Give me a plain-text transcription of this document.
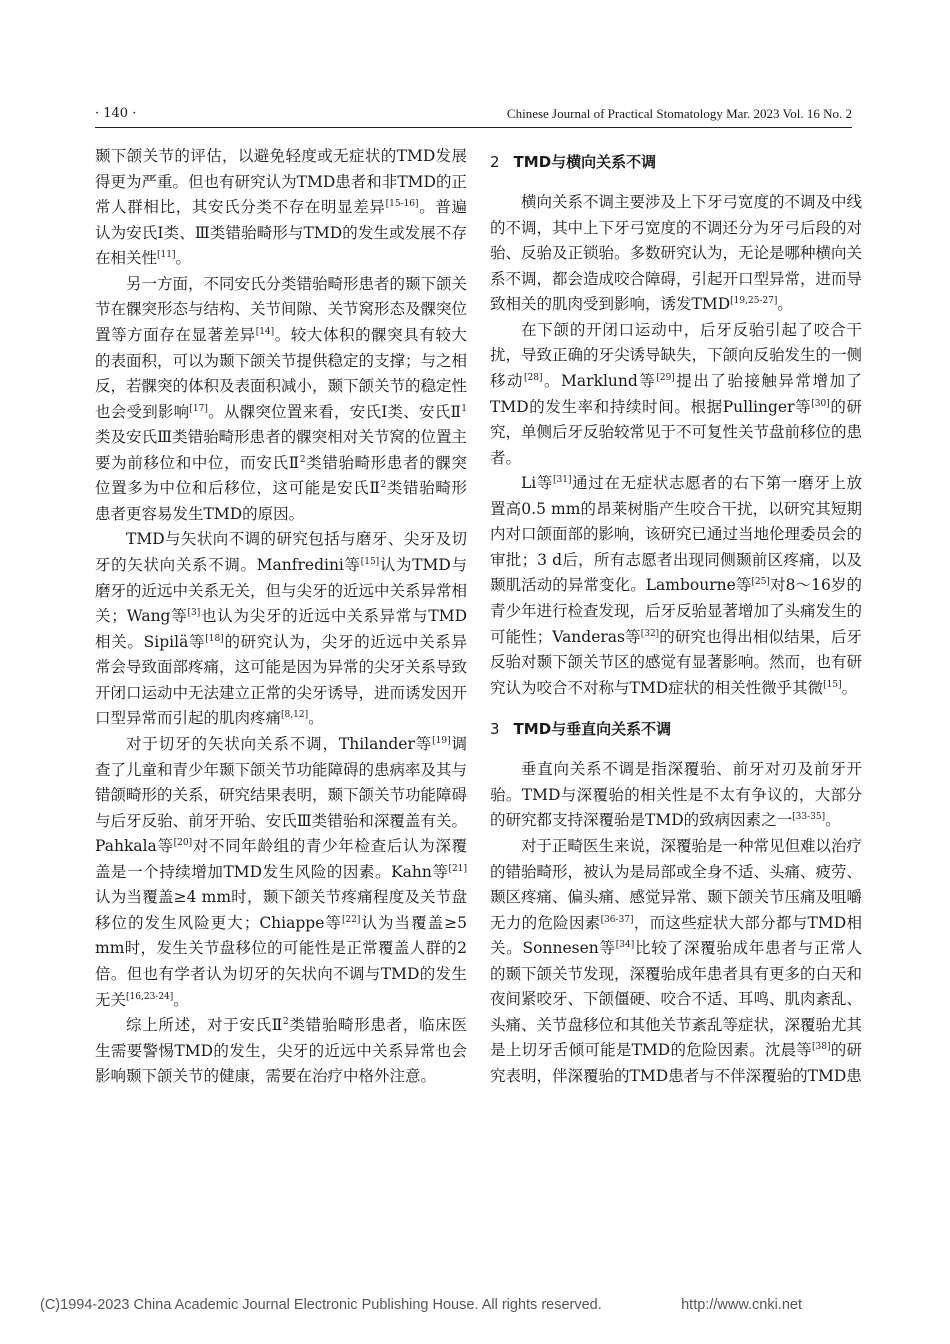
· 140 ·	Chinese Journal of Practical Stomatology Mar. 2023 Vol. 16 No. 2

颞下颌关节的评估，以避免轻度或无症状的TMD发展得更为严重。但也有研究认为TMD患者和非TMD的正常人群相比，其安氏分类不存在明显差异[15-16]。普遍认为安氏Ⅰ类、Ⅲ类错骀畸形与TMD的发生或发展不存在相关性[11]。

另一方面，不同安氏分类错骀畸形患者的颞下颌关节在髁突形态与结构、关节间隙、关节窝形态及髁突位置等方面存在显著差异[14]。较大体积的髁突具有较大的表面积，可以为颞下颌关节提供稳定的支撑；与之相反，若髁突的体积及表面积减小，颞下颌关节的稳定性也会受到影响[17]。从髁突位置来看，安氏Ⅰ类、安氏Ⅱ$^1$类及安氏Ⅲ类错骀畸形患者的髁突相对关节窝的位置主要为前移位和中位，而安氏Ⅱ$^2$类错骀畸形患者的髁突位置多为中位和后移位，这可能是安氏Ⅱ$^2$类错骀畸形患者更容易发生TMD的原因。

TMD与矢状向不调的研究包括与磨牙、尖牙及切牙的矢状向关系不调。Manfredini等[15]认为TMD与磨牙的近远中关系无关，但与尖牙的近远中关系异常相关；Wang等[3]也认为尖牙的近远中关系异常与TMD相关。Sipilä等[18]的研究认为，尖牙的近远中关系异常会导致面部疼痛，这可能是因为异常的尖牙关系导致开闭口运动中无法建立正常的尖牙诱导，进而诱发因开口型异常而引起的肌肉疼痛[8,12]。

对于切牙的矢状向关系不调，Thilander等[19]调查了儿童和青少年颞下颌关节功能障碍的患病率及其与错颌畸形的关系，研究结果表明，颞下颌关节功能障碍与后牙反骀、前牙开骀、安氏Ⅲ类错骀和深覆盖有关。Pahkala等[20]对不同年龄组的青少年检查后认为深覆盖是一个持续增加TMD发生风险的因素。Kahn等[21]认为当覆盖≥4 mm时，颞下颌关节疼痛程度及关节盘移位的发生风险更大；Chiappe等[22]认为当覆盖≥5 mm时，发生关节盘移位的可能性是正常覆盖人群的2倍。但也有学者认为切牙的矢状向不调与TMD的发生无关[16,23-24]。

综上所述，对于安氏Ⅱ$^2$类错骀畸形患者，临床医生需要警惕TMD的发生，尖牙的近远中关系异常也会影响颞下颌关节的健康，需要在治疗中格外注意。

2 TMD与横向关系不调

横向关系不调主要涉及上下牙弓宽度的不调及中线的不调，其中上下牙弓宽度的不调还分为牙弓后段的对骀、反骀及正锁骀。多数研究认为，无论是哪种横向关系不调，都会造成咬合障碍，引起开口型异常，进而导致相关的肌肉受到影响，诱发TMD[19,25-27]。

在下颌的开闭口运动中，后牙反骀引起了咬合干扰，导致正确的牙尖诱导缺失，下颌向反骀发生的一侧移动[28]。Marklund等[29]提出了骀接触异常增加了TMD的发生率和持续时间。根据Pullinger等[30]的研究，单侧后牙反骀较常见于不可复性关节盘前移位的患者。

Li等[31]通过在无症状志愿者的右下第一磨牙上放置高0.5 mm的昂莱树脂产生咬合干扰，以研究其短期内对口颌面部的影响，该研究已通过当地伦理委员会的审批；3 d后，所有志愿者出现同侧颞前区疼痛，以及颞肌活动的异常变化。Lambourne等[25]对8～16岁的青少年进行检查发现，后牙反骀显著增加了头痛发生的可能性；Vanderas等[32]的研究也得出相似结果，后牙反骀对颞下颌关节区的感觉有显著影响。然而，也有研究认为咬合不对称与TMD症状的相关性微乎其微[15]。

3 TMD与垂直向关系不调

垂直向关系不调是指深覆骀、前牙对刃及前牙开骀。TMD与深覆骀的相关性是不太有争议的，大部分的研究都支持深覆骀是TMD的致病因素之一[33-35]。

对于正畸医生来说，深覆骀是一种常见但难以治疗的错骀畸形，被认为是局部或全身不适、头痛、疲劳、颞区疼痛、偏头痛、感觉异常、颞下颌关节压痛及咀嚼无力的危险因素[36-37]，而这些症状大部分都与TMD相关。Sonnesen等[34]比较了深覆骀成年患者与正常人的颞下颌关节发现，深覆骀成年患者具有更多的白天和夜间紧咬牙、下颌僵硬、咬合不适、耳鸣、肌肉紊乱、头痛、关节盘移位和其他关节紊乱等症状，深覆骀尤其是上切牙舌倾可能是TMD的危险因素。沈晨等[38]的研究表明，伴深覆骀的TMD患者与不伴深覆骀的TMD患

(C)1994-2023 China Academic Journal Electronic Publishing House. All rights reserved.	http://www.cnki.net
